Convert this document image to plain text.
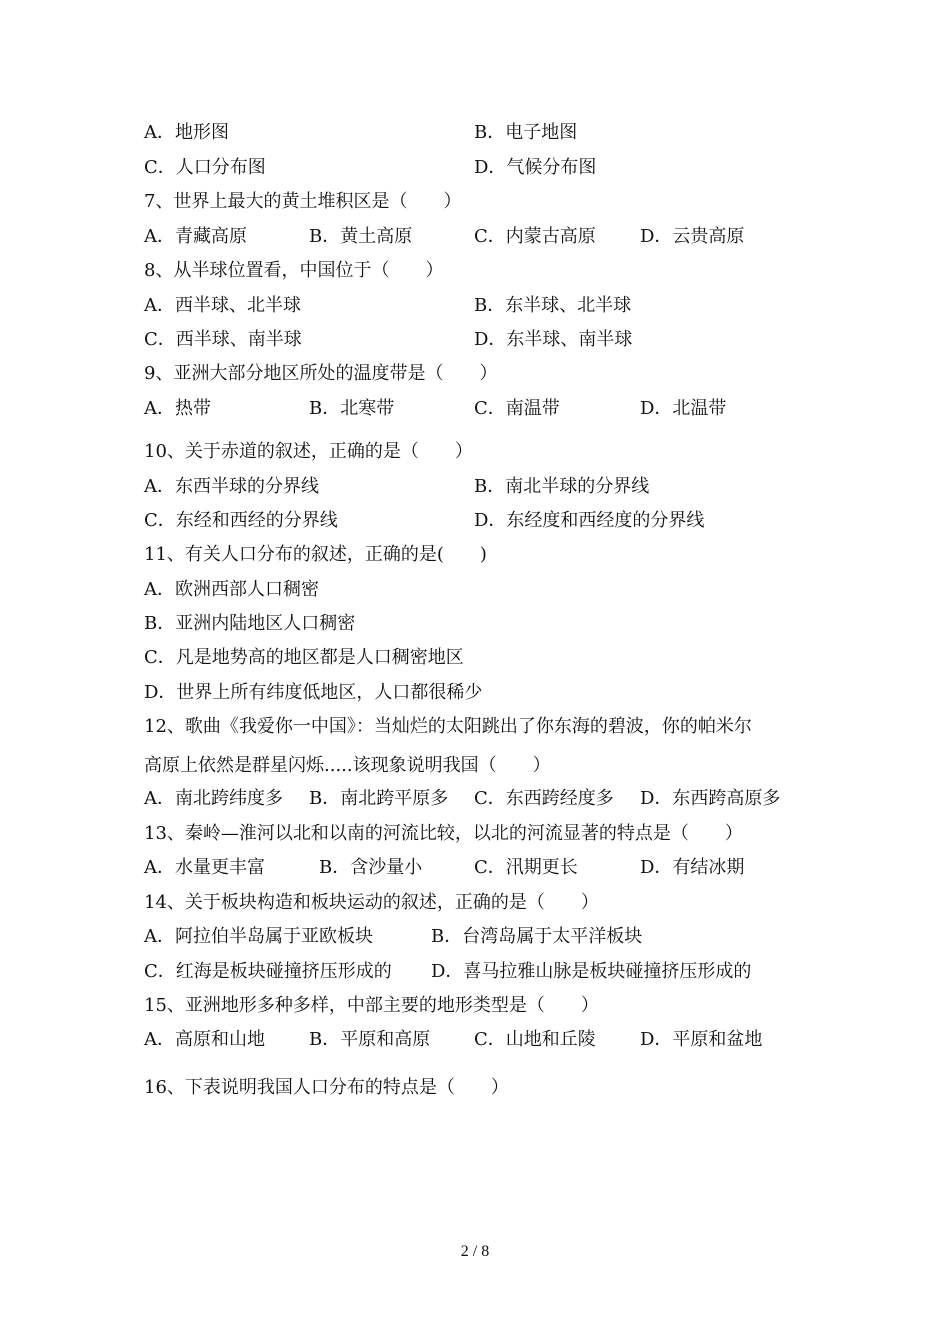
A．地形图	B．电子地图
C．人口分布图	D．气候分布图
7、世界上最大的黄土堆积区是（　　）
A．青藏高原	B．黄土高原	C．内蒙古高原 D．云贵高原
8、从半球位置看，中国位于（　　）
A．西半球、北半球	B．东半球、北半球
C．西半球、南半球	D．东半球、南半球
9、亚洲大部分地区所处的温度带是（　　）
A．热带	B．北寒带	C．南温带	D．北温带
10、关于赤道的叙述，正确的是（　　）
A．东西半球的分界线	B．南北半球的分界线
C．东经和西经的分界线	D．东经度和西经度的分界线
11、有关人口分布的叙述，正确的是(　　)
A．欧洲西部人口稠密
B．亚洲内陆地区人口稠密
C．凡是地势高的地区都是人口稠密地区
D．世界上所有纬度低地区，人口都很稀少
12、歌曲《我爱你一中国》：当灿烂的太阳跳出了你东海的碧波，你的帕米尔
高原上依然是群星闪烁.....该现象说明我国（　　）
A．南北跨纬度多 B．南北跨平原多 C．东西跨经度多 D．东西跨高原多
13、秦岭—淮河以北和以南的河流比较，以北的河流显著的特点是（　　）
A．水量更丰富	B．含沙量小	C．汛期更长	D．有结冰期
14、关于板块构造和板块运动的叙述，正确的是（　　）
A．阿拉伯半岛属于亚欧板块	B．台湾岛属于太平洋板块
C．红海是板块碰撞挤压形成的 D．喜马拉雅山脉是板块碰撞挤压形成的
15、亚洲地形多种多样，中部主要的地形类型是（　　）
A．高原和山地 B．平原和高原 C．山地和丘陵 D．平原和盆地
16、下表说明我国人口分布的特点是（　　）
2 / 8
